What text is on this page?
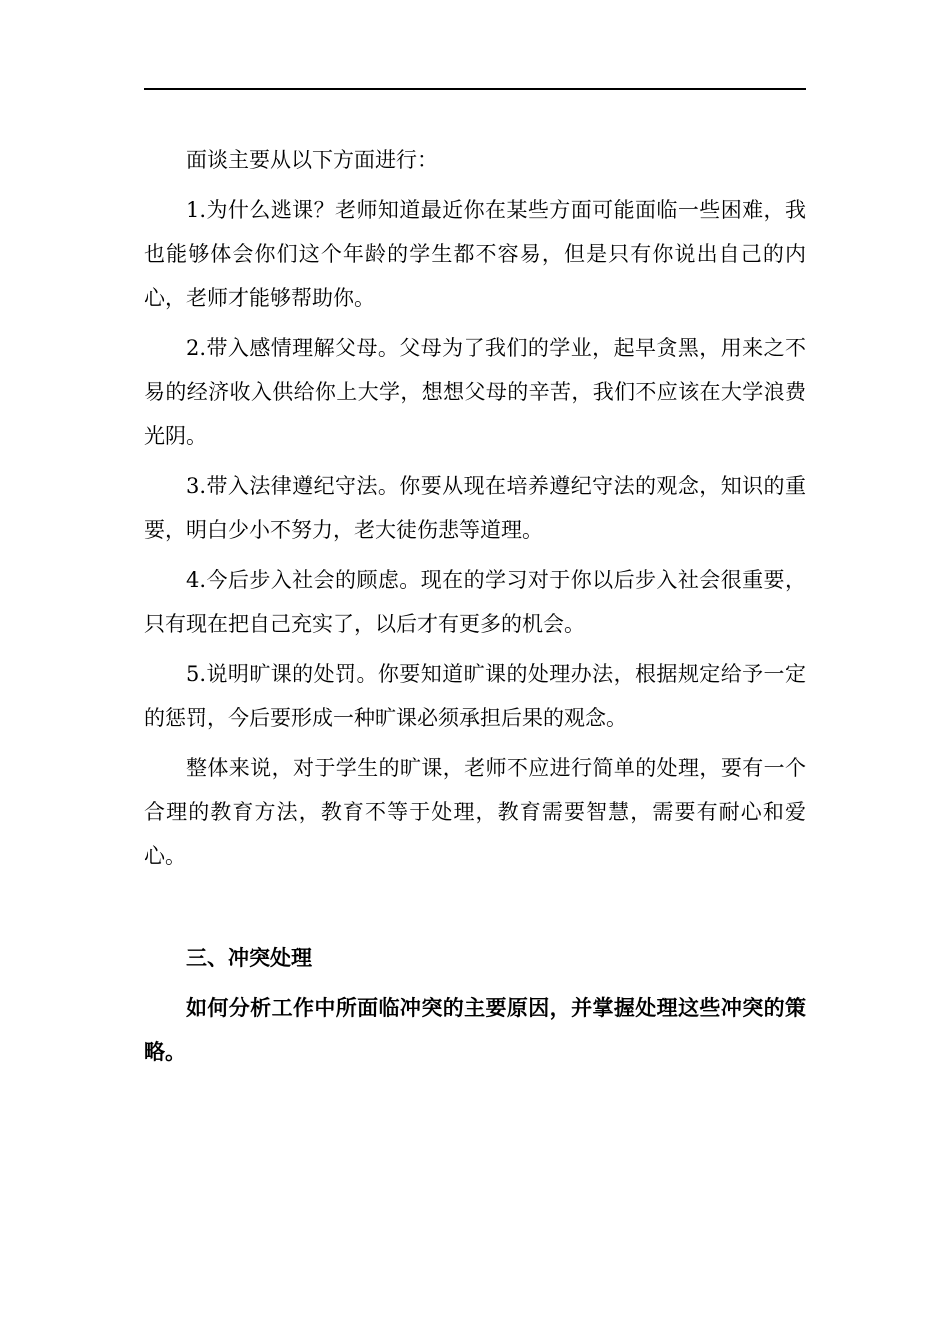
面谈主要从以下方面进行：

1.为什么逃课？老师知道最近你在某些方面可能面临一些困难，我也能够体会你们这个年龄的学生都不容易，但是只有你说出自己的内心，老师才能够帮助你。

2.带入感情理解父母。父母为了我们的学业，起早贪黑，用来之不易的经济收入供给你上大学，想想父母的辛苦，我们不应该在大学浪费光阴。

3.带入法律遵纪守法。你要从现在培养遵纪守法的观念，知识的重要，明白少小不努力，老大徒伤悲等道理。

4.今后步入社会的顾虑。现在的学习对于你以后步入社会很重要，只有现在把自己充实了，以后才有更多的机会。

5.说明旷课的处罚。你要知道旷课的处理办法，根据规定给予一定的惩罚，今后要形成一种旷课必须承担后果的观念。

整体来说，对于学生的旷课，老师不应进行简单的处理，要有一个合理的教育方法，教育不等于处理，教育需要智慧，需要有耐心和爱心。

三、冲突处理

如何分析工作中所面临冲突的主要原因，并掌握处理这些冲突的策略。
